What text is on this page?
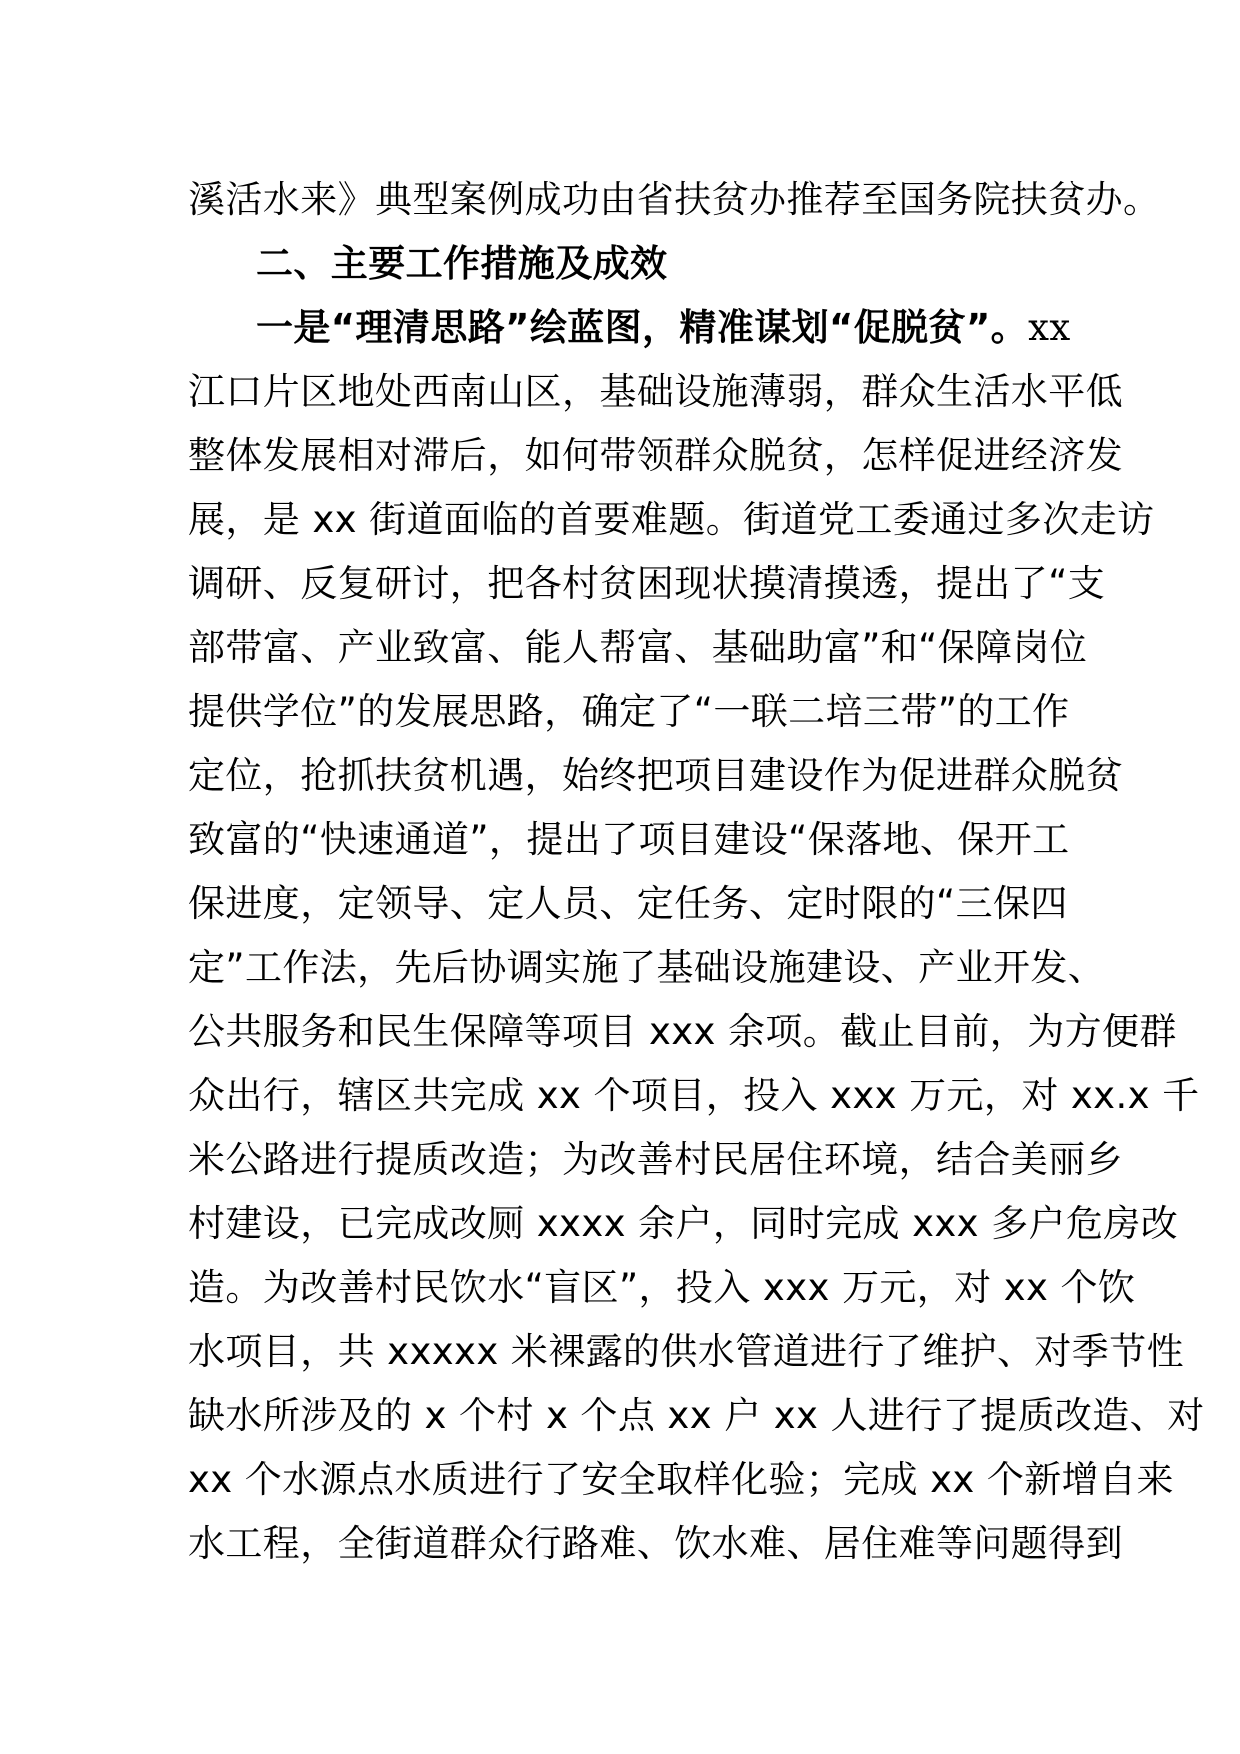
溪活水来》典型案例成功由省扶贫办推荐至国务院扶贫办。
二、主要工作措施及成效
一是“理清思路”绘蓝图，精准谋划“促脱贫”。xx
江口片区地处西南山区，基础设施薄弱，群众生活水平低
整体发展相对滞后，如何带领群众脱贫，怎样促进经济发
展，是 xx 街道面临的首要难题。街道党工委通过多次走访
调研、反复研讨，把各村贫困现状摸清摸透，提出了“支
部带富、产业致富、能人帮富、基础助富”和“保障岗位
提供学位”的发展思路，确定了“一联二培三带”的工作
定位，抢抓扶贫机遇，始终把项目建设作为促进群众脱贫
致富的“快速通道”，提出了项目建设“保落地、保开工
保进度，定领导、定人员、定任务、定时限的“三保四
定”工作法，先后协调实施了基础设施建设、产业开发、
公共服务和民生保障等项目 xxx 余项。截止目前，为方便群
众出行，辖区共完成 xx 个项目，投入 xxx 万元，对 xx.x 千
米公路进行提质改造；为改善村民居住环境，结合美丽乡
村建设，已完成改厕 xxxx 余户，同时完成 xxx 多户危房改
造。为改善村民饮水“盲区”，投入 xxx 万元，对 xx 个饮
水项目，共 xxxxx 米裸露的供水管道进行了维护、对季节性
缺水所涉及的 x 个村 x 个点 xx 户 xx 人进行了提质改造、对
xx 个水源点水质进行了安全取样化验；完成 xx 个新增自来
水工程，全街道群众行路难、饮水难、居住难等问题得到
